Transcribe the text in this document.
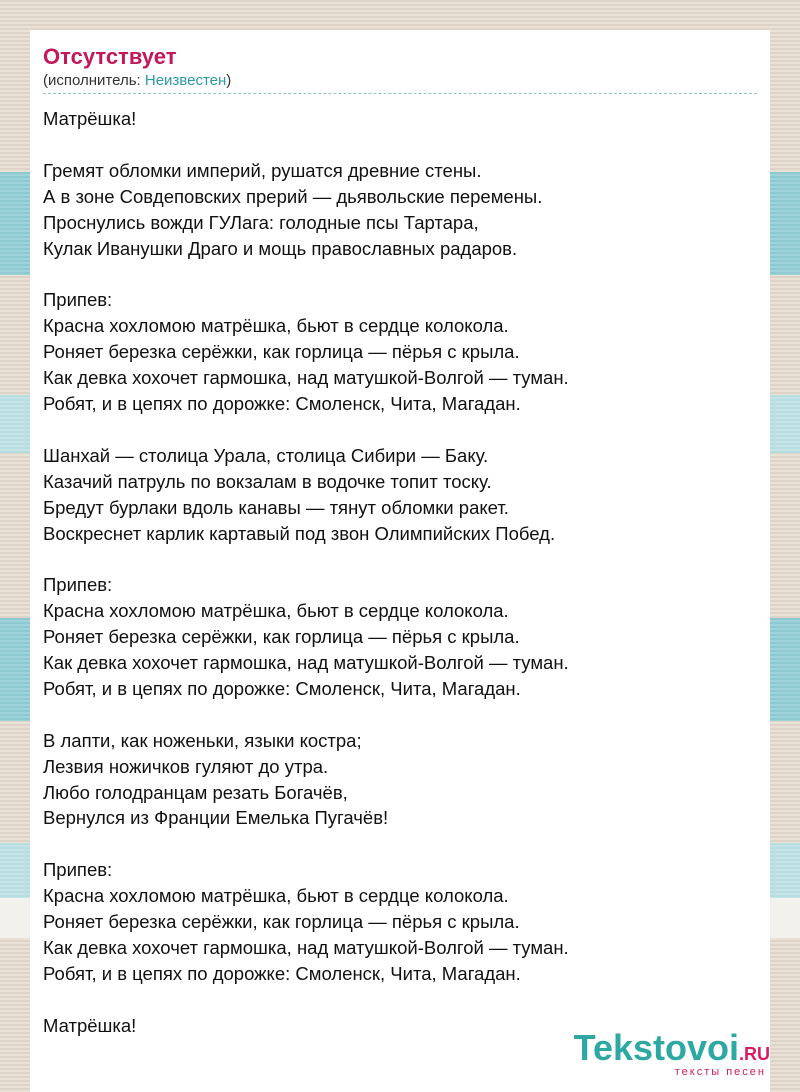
Отсутствует
(исполнитель: Неизвестен)
Матрёшка!

Гремят обломки империй, рушатся древние стены.
А в зоне Совдеповских прерий — дьявольские перемены.
Проснулись вожди ГУЛага: голодные псы Тартара,
Кулак Иванушки Драго и мощь православных радаров.

Припев:
Красна хохломою матрёшка, бьют в сердце колокола.
Роняет березка серёжки, как горлица — пёрья с крыла.
Как девка хохочет гармошка, над матушкой-Волгой — туман.
Робят, и в цепях по дорожке: Смоленск, Чита, Магадан.

Шанхай — столица Урала, столица Сибири — Баку.
Казачий патруль по вокзалам в водочке топит тоску.
Бредут бурлаки вдоль канавы — тянут обломки ракет.
Воскреснет карлик картавый под звон Олимпийских Побед.

Припев:
Красна хохломою матрёшка, бьют в сердце колокола.
Роняет березка серёжки, как горлица — пёрья с крыла.
Как девка хохочет гармошка, над матушкой-Волгой — туман.
Робят, и в цепях по дорожке: Смоленск, Чита, Магадан.

В лапти, как ноженьки, языки костра;
Лезвия ножичков гуляют до утра.
Любо голодранцам резать Богачёв,
Вернулся из Франции Емелька Пугачёв!

Припев:
Красна хохломою матрёшка, бьют в сердце колокола.
Роняет березка серёжки, как горлица — пёрья с крыла.
Как девка хохочет гармошка, над матушкой-Волгой — туман.
Робят, и в цепях по дорожке: Смоленск, Чита, Магадан.

Матрёшка!
Tekstovoi.RU
тексты песен
